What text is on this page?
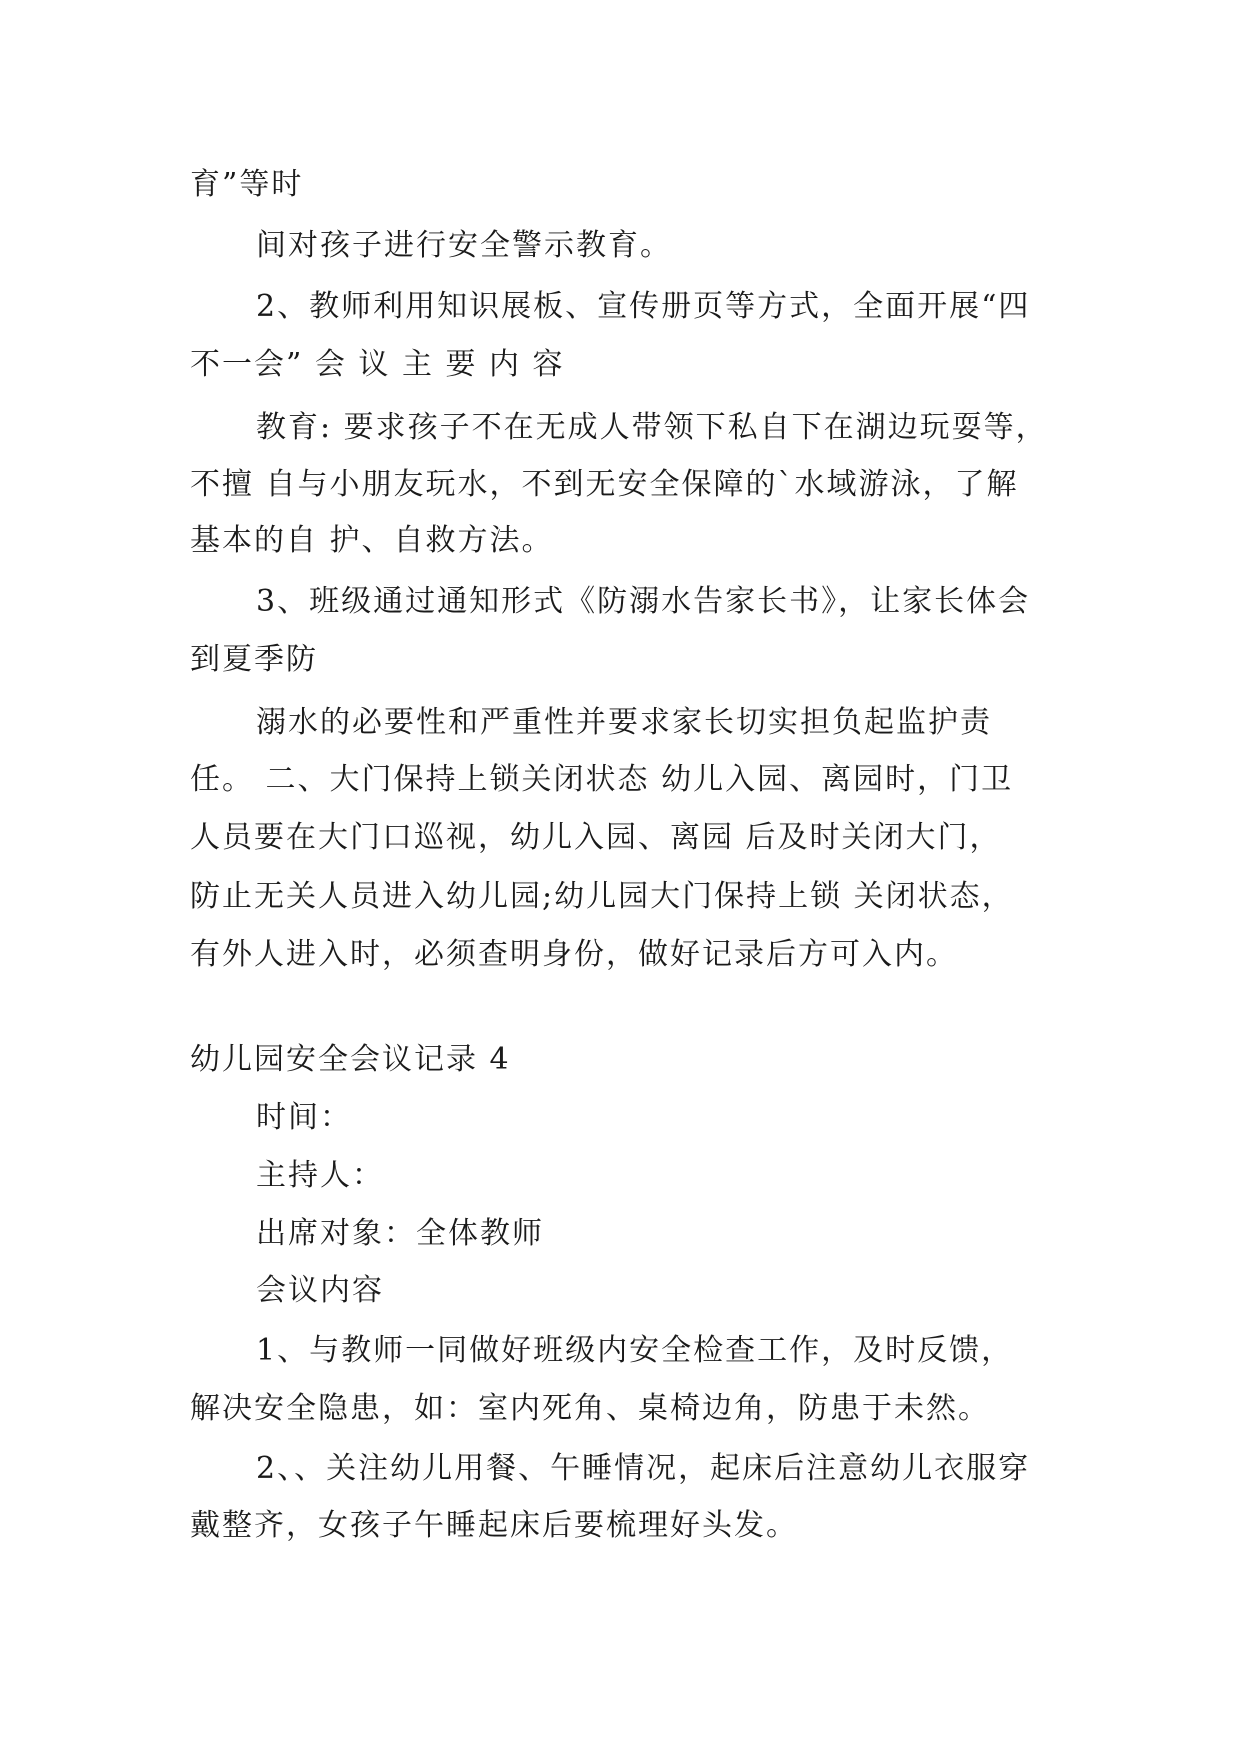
育”等时
间对孩子进行安全警示教育。
2、教师利用知识展板、宣传册页等方式，全面开展“四
不一会” 会 议 主 要 内 容
教育: 要求孩子不在无成人带领下私自下在湖边玩耍等，
不擅 自与小朋友玩水，不到无安全保障的`水域游泳，了解
基本的自 护、自救方法。
3、班级通过通知形式《防溺水告家长书》，让家长体会
到夏季防
溺水的必要性和严重性并要求家长切实担负起监护责
任。 二、大门保持上锁关闭状态 幼儿入园、离园时，门卫
人员要在大门口巡视，幼儿入园、离园 后及时关闭大门，
防止无关人员进入幼儿园;幼儿园大门保持上锁 关闭状态，
有外人进入时，必须查明身份，做好记录后方可入内。
幼儿园安全会议记录 4
时间：
主持人：
出席对象：全体教师
会议内容
1、与教师一同做好班级内安全检查工作，及时反馈，
解决安全隐患，如：室内死角、桌椅边角，防患于未然。
2、、关注幼儿用餐、午睡情况，起床后注意幼儿衣服穿
戴整齐，女孩子午睡起床后要梳理好头发。
